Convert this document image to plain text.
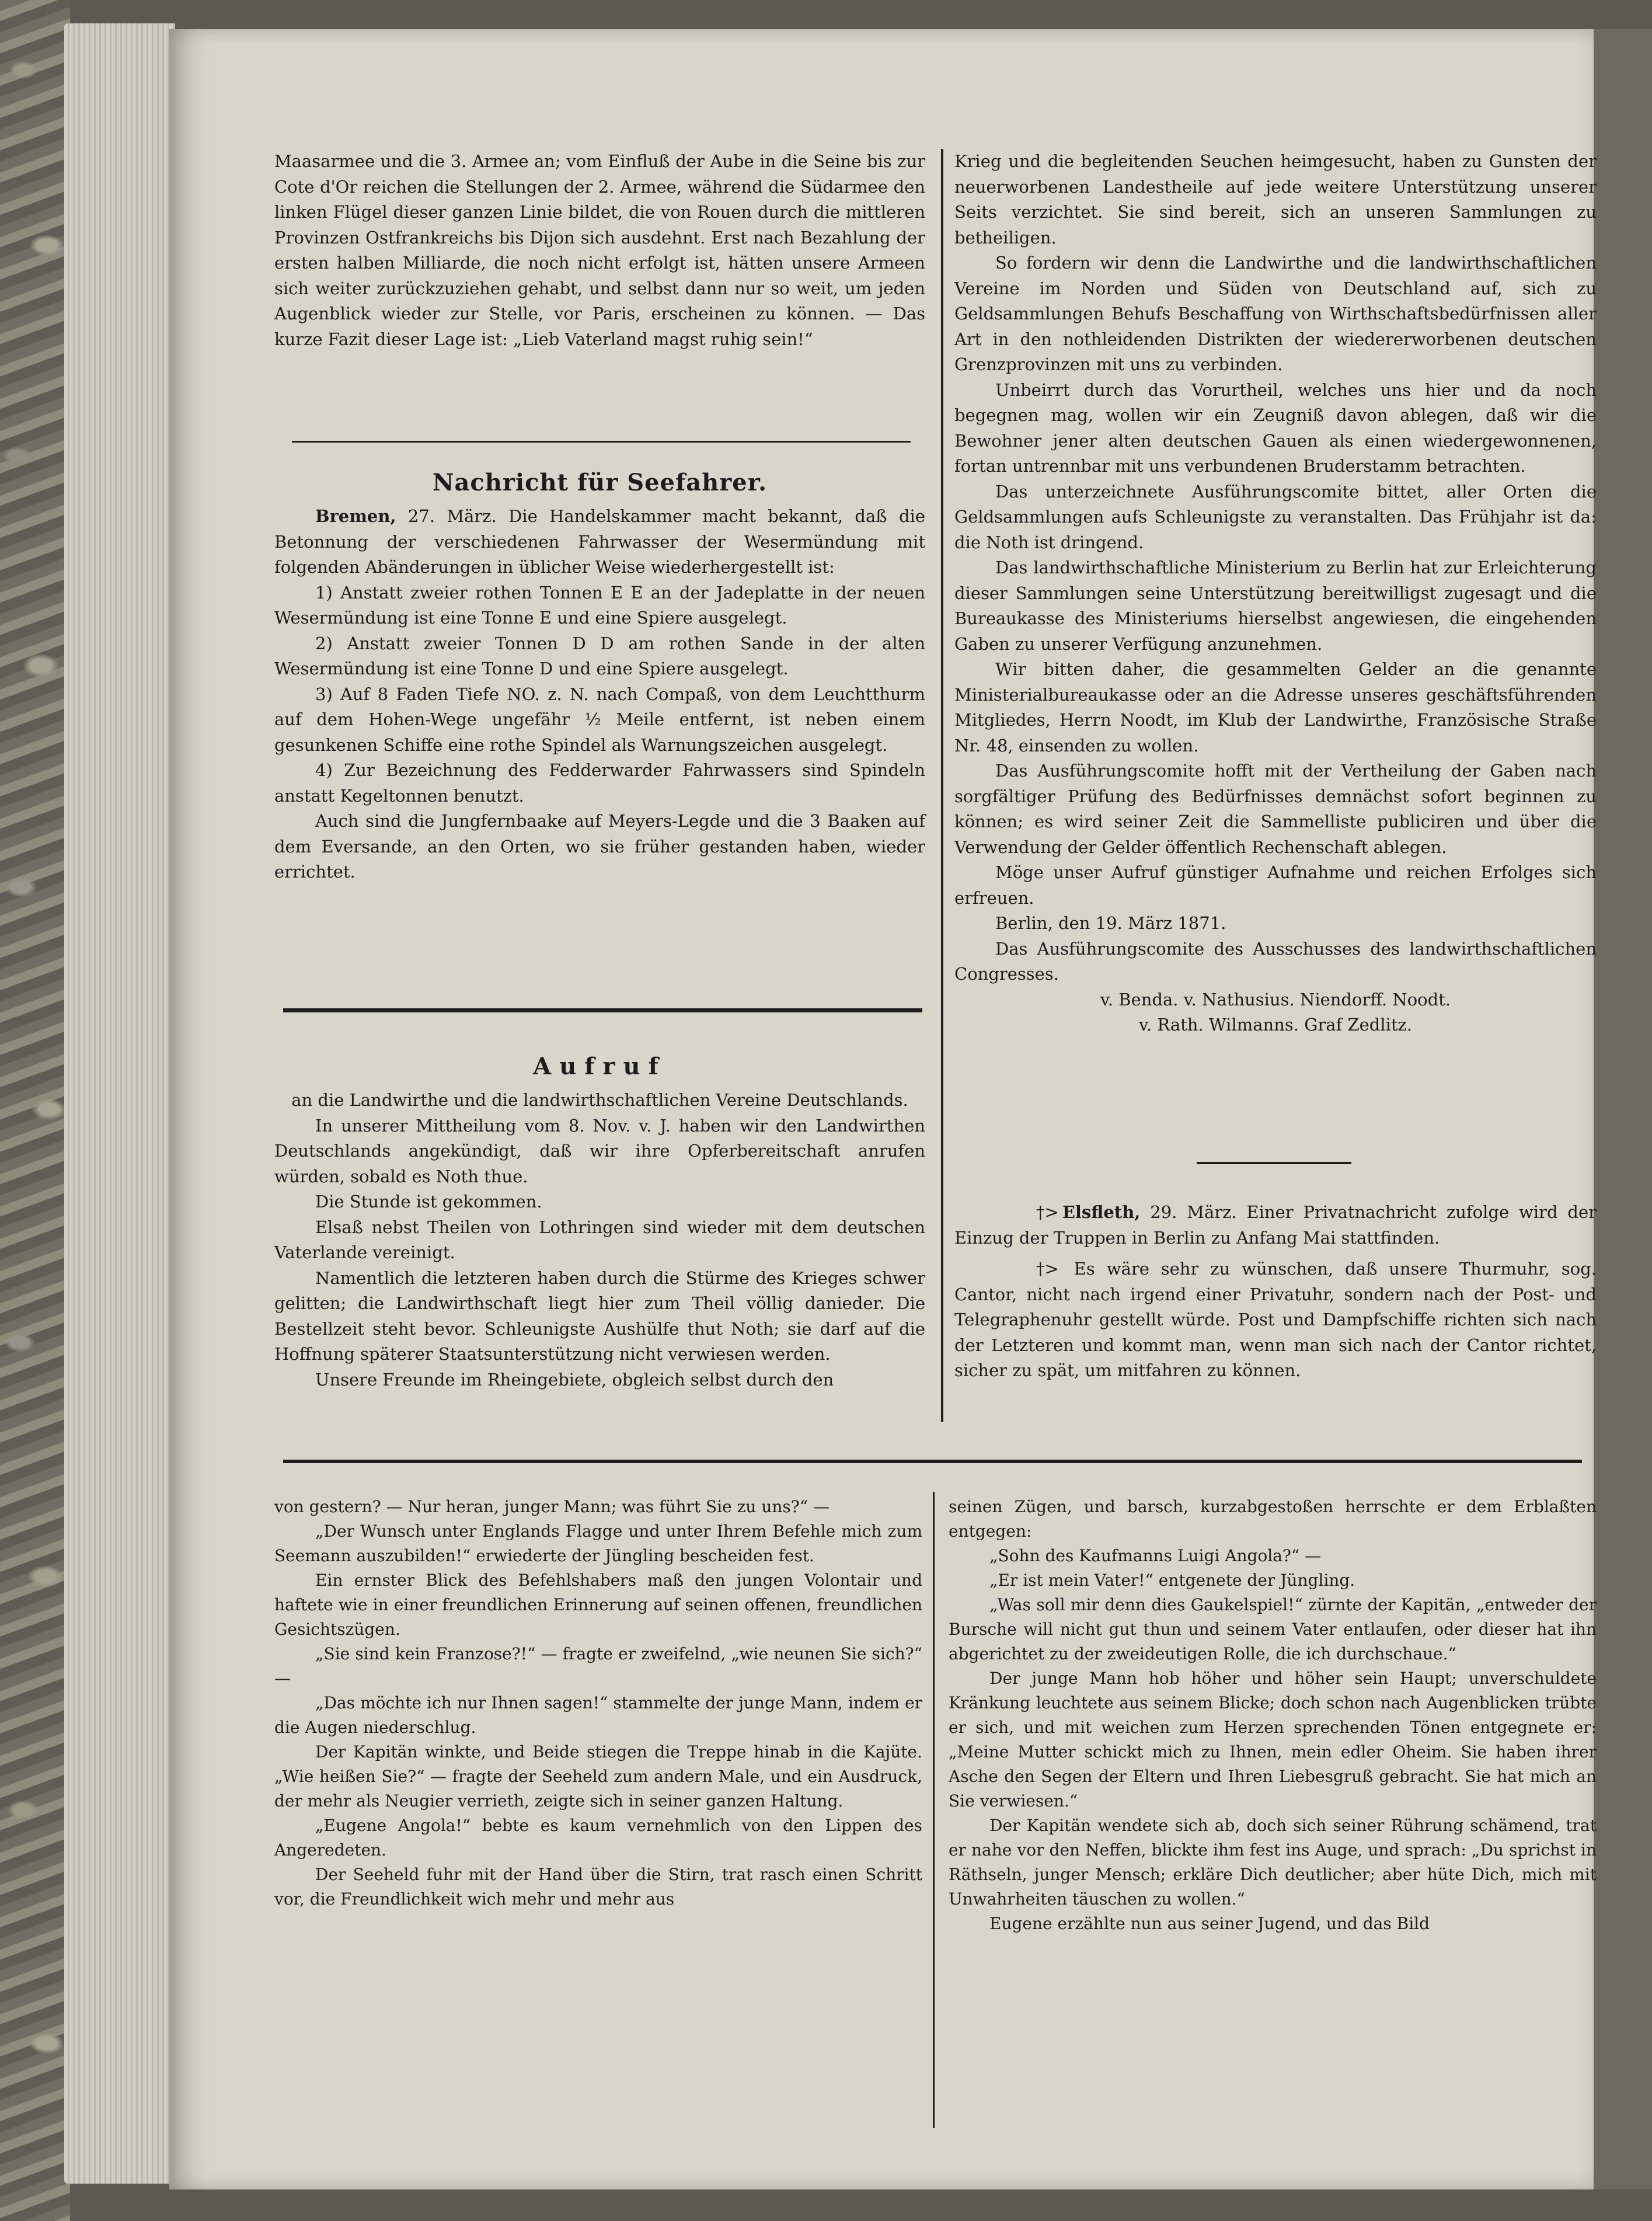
Maasarmee und die 3. Armee an; vom Einfluß der Aube in die Seine bis zur Cote d'Or reichen die Stellungen der 2. Armee, während die Südarmee den linken Flügel dieser ganzen Linie bildet, die von Rouen durch die mittleren Provinzen Ostfrankreichs bis Dijon sich ausdehnt. Erst nach Bezahlung der ersten halben Milliarde, die noch nicht erfolgt ist, hätten unsere Armeen sich weiter zurückzuziehen gehabt, und selbst dann nur so weit, um jeden Augenblick wieder zur Stelle, vor Paris, erscheinen zu können. — Das kurze Fazit dieser Lage ist: „Lieb Vaterland magst ruhig sein!“

Nachricht für Seefahrer.

Bremen, 27. März. Die Handelskammer macht bekannt, daß die Betonnung der verschiedenen Fahrwasser der Wesermündung mit folgenden Abänderungen in üblicher Weise wiederhergestellt ist:

1) Anstatt zweier rothen Tonnen E E an der Jadeplatte in der neuen Wesermündung ist eine Tonne E und eine Spiere ausgelegt.

2) Anstatt zweier Tonnen D D am rothen Sande in der alten Wesermündung ist eine Tonne D und eine Spiere ausgelegt.

3) Auf 8 Faden Tiefe NO. z. N. nach Compaß, von dem Leuchtthurm auf dem Hohen-Wege ungefähr ½ Meile entfernt, ist neben einem gesunkenen Schiffe eine rothe Spindel als Warnungszeichen ausgelegt.

4) Zur Bezeichnung des Fedderwarder Fahrwassers sind Spindeln anstatt Kegeltonnen benutzt.

Auch sind die Jungfernbaake auf Meyers-Legde und die 3 Baaken auf dem Eversande, an den Orten, wo sie früher gestanden haben, wieder errichtet.

Aufruf

an die Landwirthe und die landwirthschaftlichen Vereine Deutschlands.

In unserer Mittheilung vom 8. Nov. v. J. haben wir den Landwirthen Deutschlands angekündigt, daß wir ihre Opferbereitschaft anrufen würden, sobald es Noth thue.

Die Stunde ist gekommen.

Elsaß nebst Theilen von Lothringen sind wieder mit dem deutschen Vaterlande vereinigt.

Namentlich die letzteren haben durch die Stürme des Krieges schwer gelitten; die Landwirthschaft liegt hier zum Theil völlig danieder. Die Bestellzeit steht bevor. Schleunigste Aushülfe thut Noth; sie darf auf die Hoffnung späterer Staatsunterstützung nicht verwiesen werden.

Unsere Freunde im Rheingebiete, obgleich selbst durch den

Krieg und die begleitenden Seuchen heimgesucht, haben zu Gunsten der neuerworbenen Landestheile auf jede weitere Unterstützung unserer Seits verzichtet. Sie sind bereit, sich an unseren Sammlungen zu betheiligen.

So fordern wir denn die Landwirthe und die landwirthschaftlichen Vereine im Norden und Süden von Deutschland auf, sich zu Geldsammlungen Behufs Beschaffung von Wirthschaftsbedürfnissen aller Art in den nothleidenden Distrikten der wiedererworbenen deutschen Grenzprovinzen mit uns zu verbinden.

Unbeirrt durch das Vorurtheil, welches uns hier und da noch begegnen mag, wollen wir ein Zeugniß davon ablegen, daß wir die Bewohner jener alten deutschen Gauen als einen wiedergewonnenen, fortan untrennbar mit uns verbundenen Bruderstamm betrachten.

Das unterzeichnete Ausführungscomite bittet, aller Orten die Geldsammlungen aufs Schleunigste zu veranstalten. Das Frühjahr ist da: die Noth ist dringend.

Das landwirthschaftliche Ministerium zu Berlin hat zur Erleichterung dieser Sammlungen seine Unterstützung bereitwilligst zugesagt und die Bureaukasse des Ministeriums hierselbst angewiesen, die eingehenden Gaben zu unserer Verfügung anzunehmen.

Wir bitten daher, die gesammelten Gelder an die genannte Ministerialbureaukasse oder an die Adresse unseres geschäftsführenden Mitgliedes, Herrn Noodt, im Klub der Landwirthe, Französische Straße Nr. 48, einsenden zu wollen.

Das Ausführungscomite hofft mit der Vertheilung der Gaben nach sorgfältiger Prüfung des Bedürfnisses demnächst sofort beginnen zu können; es wird seiner Zeit die Sammelliste publiciren und über die Verwendung der Gelder öffentlich Rechenschaft ablegen.

Möge unser Aufruf günstiger Aufnahme und reichen Erfolges sich erfreuen.

Berlin, den 19. März 1871.

Das Ausführungscomite des Ausschusses des landwirthschaftlichen Congresses.

v. Benda. v. Nathusius. Niendorff. Noodt.

v. Rath. Wilmanns. Graf Zedlitz.

†> Elsfleth, 29. März. Einer Privatnachricht zufolge wird der Einzug der Truppen in Berlin zu Anfang Mai stattfinden.

†> Es wäre sehr zu wünschen, daß unsere Thurmuhr, sog. Cantor, nicht nach irgend einer Privatuhr, sondern nach der Post- und Telegraphenuhr gestellt würde. Post und Dampfschiffe richten sich nach der Letzteren und kommt man, wenn man sich nach der Cantor richtet, sicher zu spät, um mitfahren zu können.

von gestern? — Nur heran, junger Mann; was führt Sie zu uns?“ —

„Der Wunsch unter Englands Flagge und unter Ihrem Befehle mich zum Seemann auszubilden!“ erwiederte der Jüngling bescheiden fest.

Ein ernster Blick des Befehlshabers maß den jungen Volontair und haftete wie in einer freundlichen Erinnerung auf seinen offenen, freundlichen Gesichtszügen.

„Sie sind kein Franzose?!“ — fragte er zweifelnd, „wie neunen Sie sich?“ —

„Das möchte ich nur Ihnen sagen!“ stammelte der junge Mann, indem er die Augen niederschlug.

Der Kapitän winkte, und Beide stiegen die Treppe hinab in die Kajüte. „Wie heißen Sie?“ — fragte der Seeheld zum andern Male, und ein Ausdruck, der mehr als Neugier verrieth, zeigte sich in seiner ganzen Haltung.

„Eugene Angola!“ bebte es kaum vernehmlich von den Lippen des Angeredeten.

Der Seeheld fuhr mit der Hand über die Stirn, trat rasch einen Schritt vor, die Freundlichkeit wich mehr und mehr aus

seinen Zügen, und barsch, kurzabgestoßen herrschte er dem Erblaßten entgegen:

„Sohn des Kaufmanns Luigi Angola?“ —

„Er ist mein Vater!“ entgenete der Jüngling.

„Was soll mir denn dies Gaukelspiel!“ zürnte der Kapitän, „entweder der Bursche will nicht gut thun und seinem Vater entlaufen, oder dieser hat ihn abgerichtet zu der zweideutigen Rolle, die ich durchschaue.“

Der junge Mann hob höher und höher sein Haupt; unverschuldete Kränkung leuchtete aus seinem Blicke; doch schon nach Augenblicken trübte er sich, und mit weichen zum Herzen sprechenden Tönen entgegnete er: „Meine Mutter schickt mich zu Ihnen, mein edler Oheim. Sie haben ihrer Asche den Segen der Eltern und Ihren Liebesgruß gebracht. Sie hat mich an Sie verwiesen.“

Der Kapitän wendete sich ab, doch sich seiner Rührung schämend, trat er nahe vor den Neffen, blickte ihm fest ins Auge, und sprach: „Du sprichst in Räthseln, junger Mensch; erkläre Dich deutlicher; aber hüte Dich, mich mit Unwahrheiten täuschen zu wollen.“

Eugene erzählte nun aus seiner Jugend, und das Bild
